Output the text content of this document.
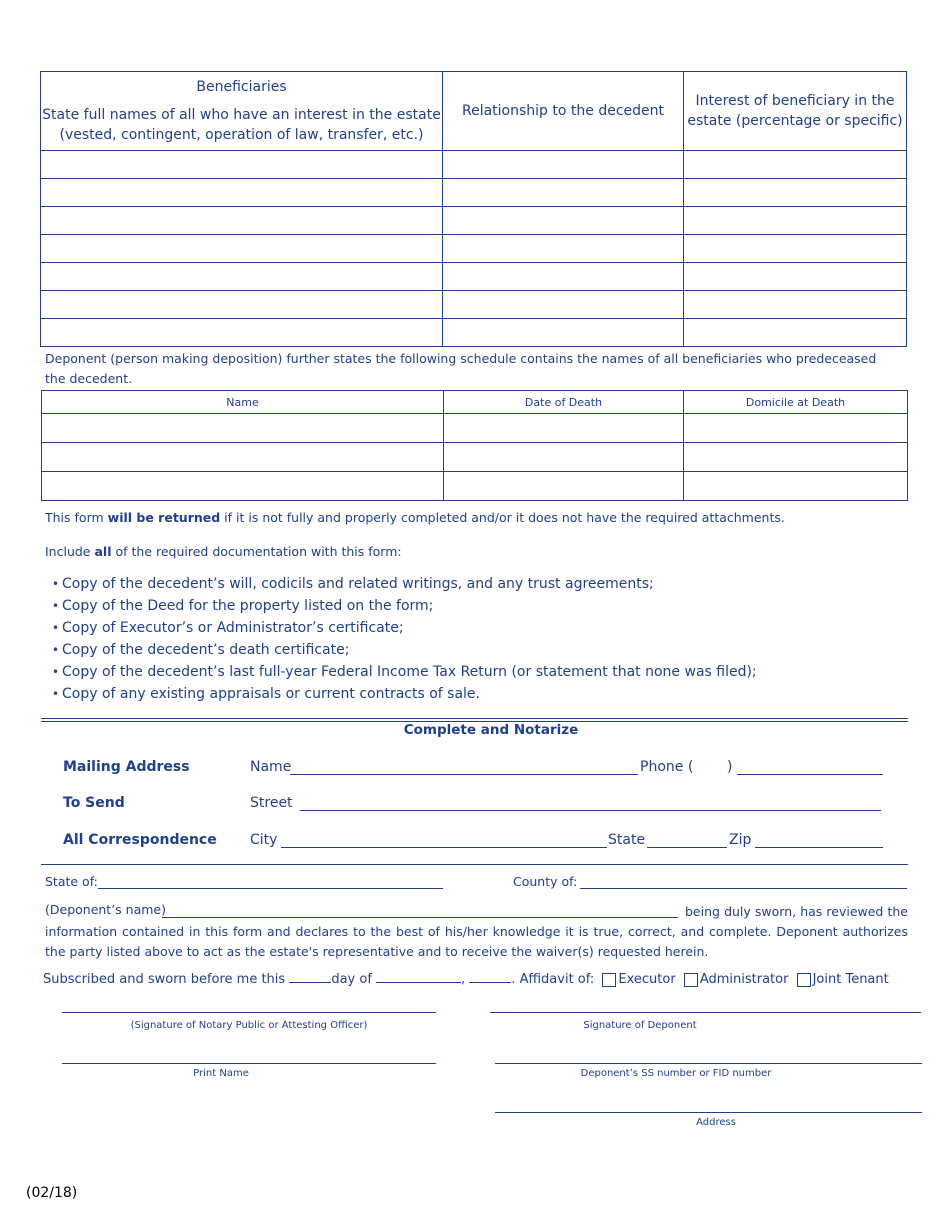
Beneficiaries
State full names of all who have an interest in the estate (vested, contingent, operation of law, transfer, etc.)	Relationship to the decedent	Interest of beneficiary in the estate (percentage or specific)

Deponent (person making deposition) further states the following schedule contains the names of all beneficiaries who predeceased the decedent.
Name	Date of Death	Domicile at Death

This form will be returned if it is not fully and properly completed and/or it does not have the required attachments.
Include all of the required documentation with this form:
• Copy of the decedent’s will, codicils and related writings, and any trust agreements;
• Copy of the Deed for the property listed on the form;
• Copy of Executor’s or Administrator’s certificate;
• Copy of the decedent’s death certificate;
• Copy of the decedent’s last full-year Federal Income Tax Return (or statement that none was filed);
• Copy of any existing appraisals or current contracts of sale.
Complete and Notarize
Mailing Address
To Send
All Correspondence
Name	Phone ( )
Street
City	State	Zip
State of:	County of:
(Deponent’s name)	being duly sworn, has reviewed the information contained in this form and declares to the best of his/her knowledge it is true, correct, and complete. Deponent authorizes the party listed above to act as the estate's representative and to receive the waiver(s) requested herein.
Subscribed and sworn before me this	day of	,	. Affidavit of: Executor Administrator Joint Tenant
(Signature of Notary Public or Attesting Officer)	Signature of Deponent
Print Name	Deponent’s SS number or FID number
Address
(02/18)
